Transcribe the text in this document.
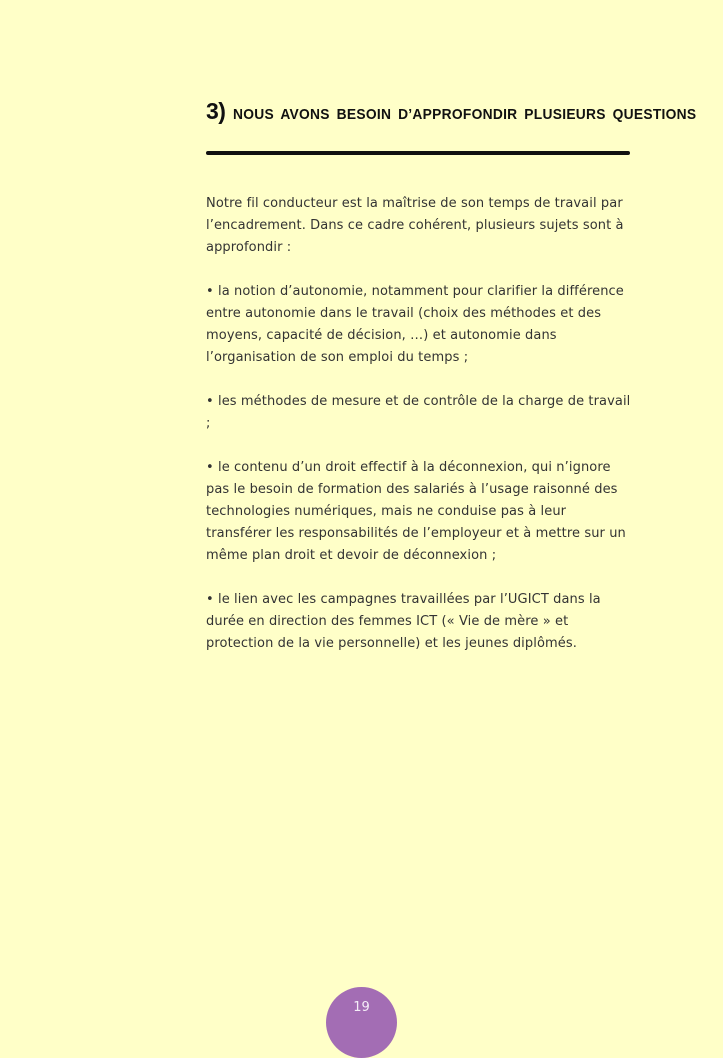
3) NOUS AVONS BESOIN D’APPROFONDIR PLUSIEURS QUESTIONS

Notre fil conducteur est la maîtrise de son temps de travail par l’encadrement. Dans ce cadre cohérent, plusieurs sujets sont à approfondir :

• la notion d’autonomie, notamment pour clarifier la différence entre autonomie dans le travail (choix des méthodes et des moyens, capacité de décision, …) et autonomie dans l’organisation de son emploi du temps ;

• les méthodes de mesure et de contrôle de la charge de travail ;

• le contenu d’un droit effectif à la déconnexion, qui n’ignore pas le besoin de formation des salariés à l’usage raisonné des technologies numériques, mais ne conduise pas à leur transférer les responsabilités de l’employeur et à mettre sur un même plan droit et devoir de déconnexion ;

• le lien avec les campagnes travaillées par l’UGICT dans la durée en direction des femmes ICT (« Vie de mère » et protection de la vie personnelle) et les jeunes diplômés.

19
